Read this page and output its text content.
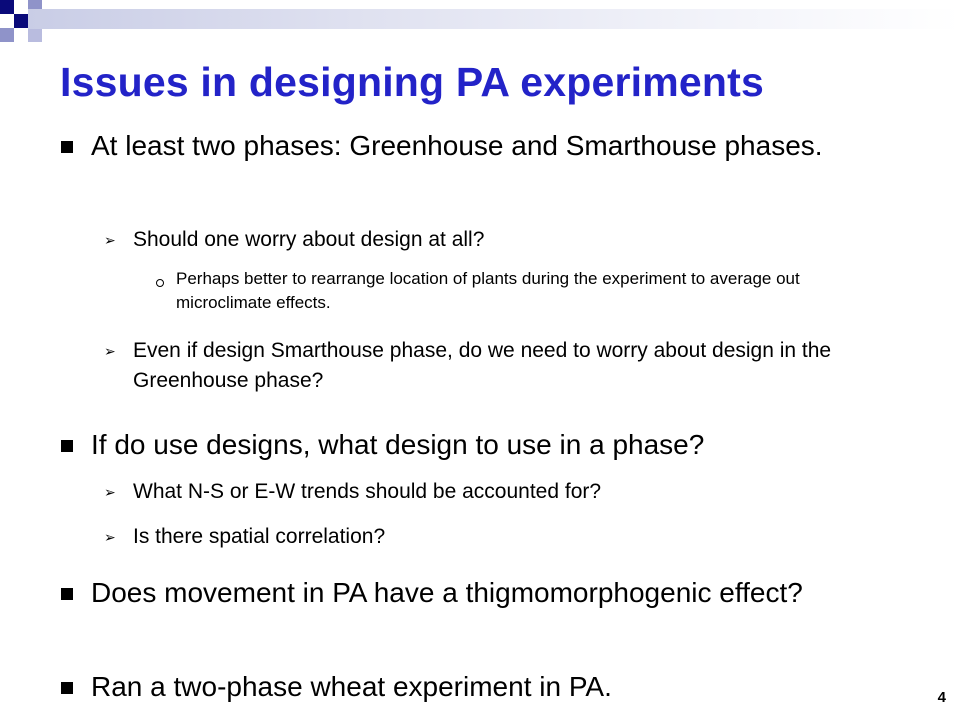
Issues in designing PA experiments
At least two phases: Greenhouse and Smarthouse phases.
➢ Should one worry about design at all?
Perhaps better to rearrange location of plants during the experiment to average out microclimate effects.
➢ Even if design Smarthouse phase, do we need to worry about design in the Greenhouse phase?
If do use designs, what design to use in a phase?
➢ What N-S or E-W trends should be accounted for?
➢ Is there spatial correlation?
Does movement in PA have a thigmomorphogenic effect?
Ran a two-phase wheat experiment in PA.	4
